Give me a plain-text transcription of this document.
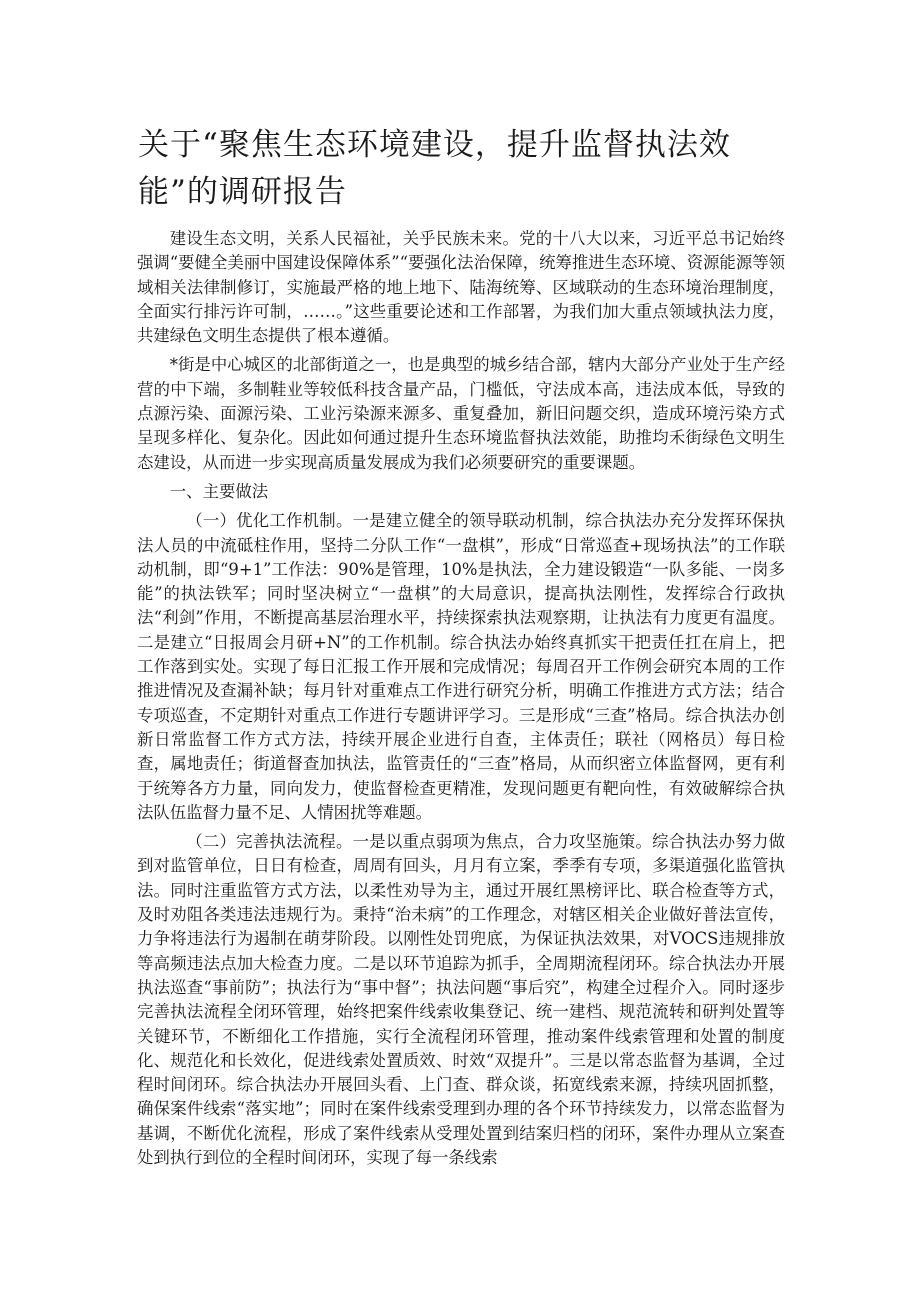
关于“聚焦生态环境建设，提升监督执法效能”的调研报告

建设生态文明，关系人民福祉，关乎民族未来。党的十八大以来，习近平总书记始终强调“要健全美丽中国建设保障体系”“要强化法治保障，统筹推进生态环境、资源能源等领域相关法律制修订，实施最严格的地上地下、陆海统筹、区域联动的生态环境治理制度，全面实行排污许可制，……。”这些重要论述和工作部署，为我们加大重点领域执法力度，共建绿色文明生态提供了根本遵循。

*街是中心城区的北部街道之一，也是典型的城乡结合部，辖内大部分产业处于生产经营的中下端，多制鞋业等较低科技含量产品，门槛低，守法成本高，违法成本低，导致的点源污染、面源污染、工业污染源来源多、重复叠加，新旧问题交织，造成环境污染方式呈现多样化、复杂化。因此如何通过提升生态环境监督执法效能，助推均禾街绿色文明生态建设，从而进一步实现高质量发展成为我们必须要研究的重要课题。

一、主要做法

（一）优化工作机制。一是建立健全的领导联动机制，综合执法办充分发挥环保执法人员的中流砥柱作用，坚持二分队工作“一盘棋”，形成“日常巡查+现场执法”的工作联动机制，即“9+1”工作法：90%是管理，10%是执法，全力建设锻造“一队多能、一岗多能”的执法铁军；同时坚决树立“一盘棋”的大局意识，提高执法刚性，发挥综合行政执法“利剑”作用，不断提高基层治理水平，持续探索执法观察期，让执法有力度更有温度。二是建立“日报周会月研+N”的工作机制。综合执法办始终真抓实干把责任扛在肩上，把工作落到实处。实现了每日汇报工作开展和完成情况；每周召开工作例会研究本周的工作推进情况及查漏补缺；每月针对重难点工作进行研究分析，明确工作推进方式方法；结合专项巡查，不定期针对重点工作进行专题讲评学习。三是形成“三查”格局。综合执法办创新日常监督工作方式方法，持续开展企业进行自查，主体责任；联社（网格员）每日检查，属地责任；街道督查加执法，监管责任的“三查”格局，从而织密立体监督网，更有利于统筹各方力量，同向发力，使监督检查更精准，发现问题更有靶向性，有效破解综合执法队伍监督力量不足、人情困扰等难题。

（二）完善执法流程。一是以重点弱项为焦点，合力攻坚施策。综合执法办努力做到对监管单位，日日有检查，周周有回头，月月有立案，季季有专项，多渠道强化监管执法。同时注重监管方式方法，以柔性劝导为主，通过开展红黑榜评比、联合检查等方式，及时劝阻各类违法违规行为。秉持“治未病”的工作理念，对辖区相关企业做好普法宣传，力争将违法行为遏制在萌芽阶段。以刚性处罚兜底，为保证执法效果，对VOCS违规排放等高频违法点加大检查力度。二是以环节追踪为抓手，全周期流程闭环。综合执法办开展执法巡查“事前防”；执法行为“事中督”；执法问题“事后究”，构建全过程介入。同时逐步完善执法流程全闭环管理，始终把案件线索收集登记、统一建档、规范流转和研判处置等关键环节，不断细化工作措施，实行全流程闭环管理，推动案件线索管理和处置的制度化、规范化和长效化，促进线索处置质效、时效“双提升”。三是以常态监督为基调，全过程时间闭环。综合执法办开展回头看、上门查、群众谈，拓宽线索来源，持续巩固抓整，确保案件线索“落实地”；同时在案件线索受理到办理的各个环节持续发力，以常态监督为基调，不断优化流程，形成了案件线索从受理处置到结案归档的闭环，案件办理从立案查处到执行到位的全程时间闭环，实现了每一条线索
